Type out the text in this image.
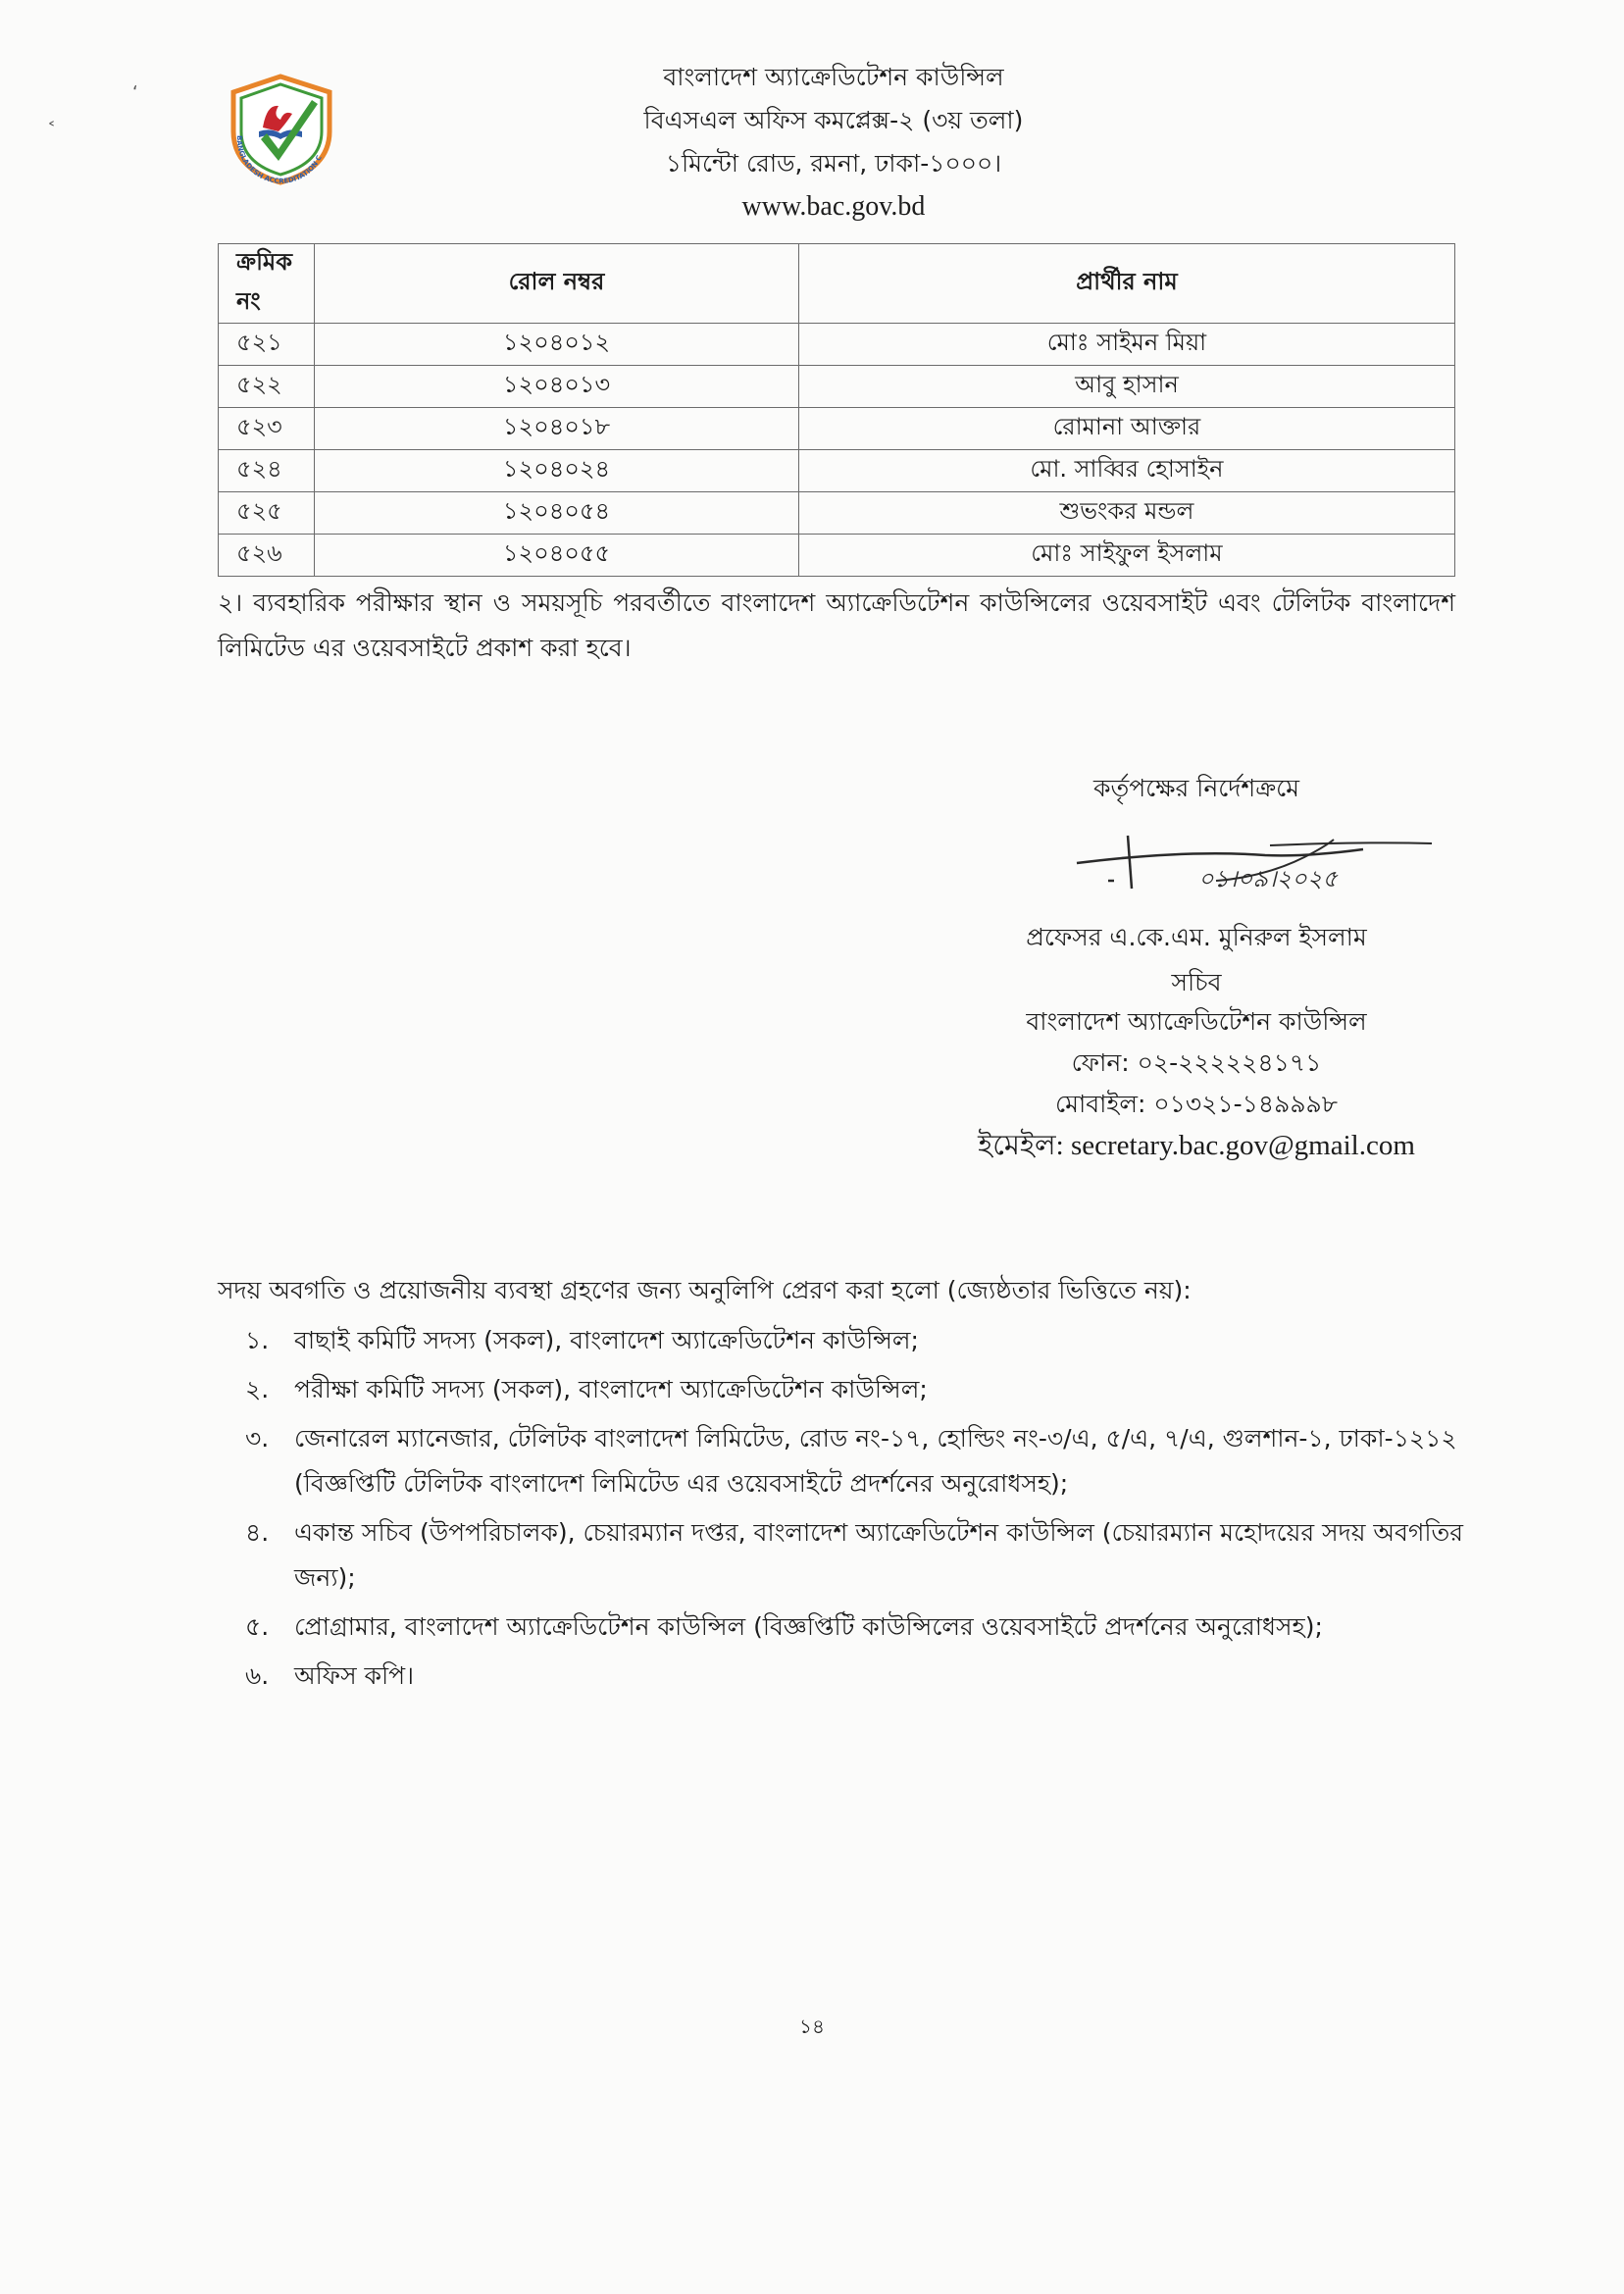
‘
˂	BANGLADESH ACCREDITATION C
বাংলাদেশ অ্যাক্রেডিটেশন কাউন্সিল
বিএসএল অফিস কমপ্লেক্স-২ (৩য় তলা)
১মিন্টো রোড, রমনা, ঢাকা-১০০০।
www.bac.gov.bd
ক্রমিক নং	রোল নম্বর	প্রার্থীর নাম
৫২১	১২০৪০১২	মোঃ সাইমন মিয়া
৫২২	১২০৪০১৩	আবু হাসান
৫২৩	১২০৪০১৮	রোমানা আক্তার
৫২৪	১২০৪০২৪	মো. সাব্বির হোসাইন
৫২৫	১২০৪০৫৪	শুভংকর মন্ডল
৫২৬	১২০৪০৫৫	মোঃ সাইফুল ইসলাম
২। ব্যবহারিক পরীক্ষার স্থান ও সময়সূচি পরবর্তীতে বাংলাদেশ অ্যাক্রেডিটেশন কাউন্সিলের ওয়েবসাইট এবং টেলিটক বাংলাদেশ লিমিটেড এর ওয়েবসাইটে প্রকাশ করা হবে।
কর্তৃপক্ষের নির্দেশক্রমে
০১।০৯।২০২৫
প্রফেসর এ.কে.এম. মুনিরুল ইসলাম
সচিব
বাংলাদেশ অ্যাক্রেডিটেশন কাউন্সিল
ফোন: ০২-২২২২২৪১৭১
মোবাইল: ০১৩২১-১৪৯৯৯৮
ইমেইল: secretary.bac.gov@gmail.com
সদয় অবগতি ও প্রয়োজনীয় ব্যবস্থা গ্রহণের জন্য অনুলিপি প্রেরণ করা হলো (জ্যেষ্ঠতার ভিত্তিতে নয়):
১.	বাছাই কমিটি সদস্য (সকল), বাংলাদেশ অ্যাক্রেডিটেশন কাউন্সিল;
২.	পরীক্ষা কমিটি সদস্য (সকল), বাংলাদেশ অ্যাক্রেডিটেশন কাউন্সিল;
৩.	জেনারেল ম্যানেজার, টেলিটক বাংলাদেশ লিমিটেড, রোড নং-১৭, হোল্ডিং নং-৩/এ, ৫/এ, ৭/এ, গুলশান-১, ঢাকা-১২১২ (বিজ্ঞপ্তিটি টেলিটক বাংলাদেশ লিমিটেড এর ওয়েবসাইটে প্রদর্শনের অনুরোধসহ);
৪.	একান্ত সচিব (উপপরিচালক), চেয়ারম্যান দপ্তর, বাংলাদেশ অ্যাক্রেডিটেশন কাউন্সিল (চেয়ারম্যান মহোদয়ের সদয় অবগতির জন্য);
৫.	প্রোগ্রামার, বাংলাদেশ অ্যাক্রেডিটেশন কাউন্সিল (বিজ্ঞপ্তিটি কাউন্সিলের ওয়েবসাইটে প্রদর্শনের অনুরোধসহ);
৬.	অফিস কপি।
১৪
